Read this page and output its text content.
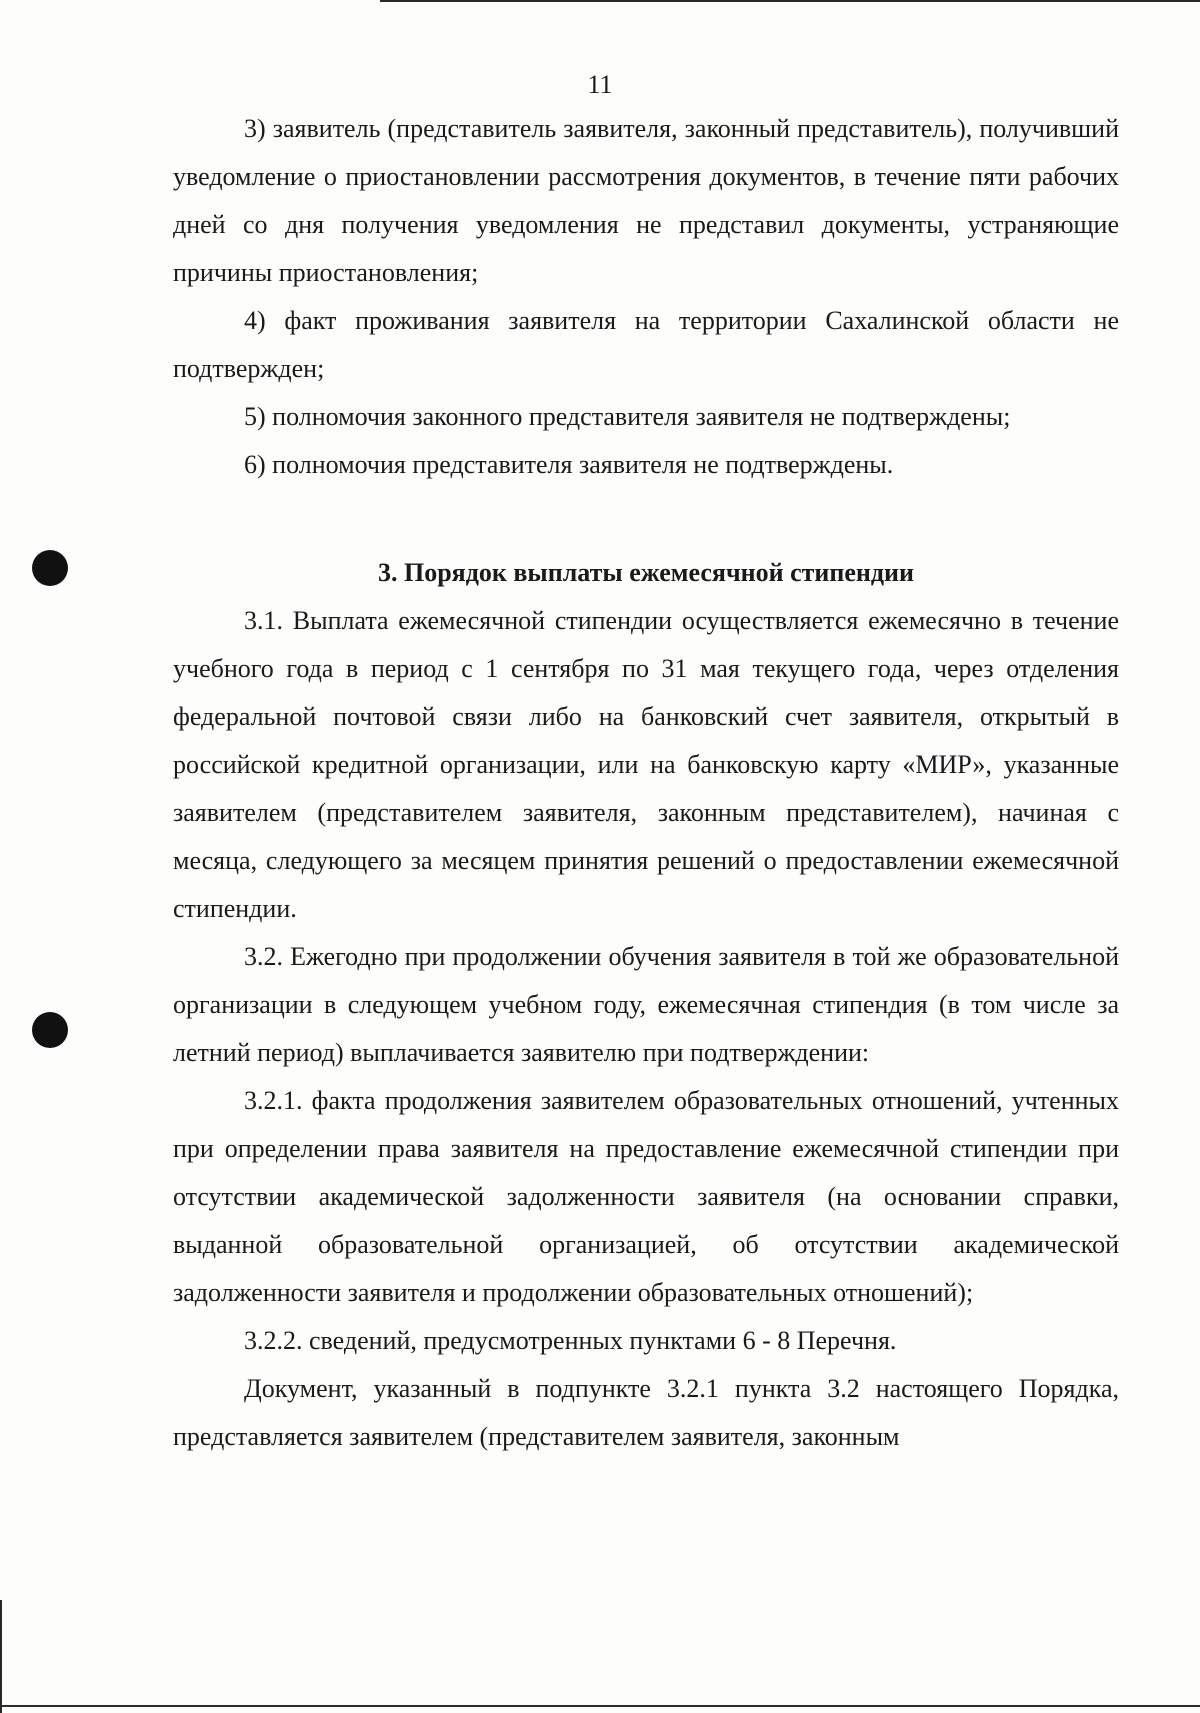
11

3) заявитель (представитель заявителя, законный представитель), получивший уведомление о приостановлении рассмотрения документов, в течение пяти рабочих дней со дня получения уведомления не представил документы, устраняющие причины приостановления;

4) факт проживания заявителя на территории Сахалинской области не подтвержден;

5) полномочия законного представителя заявителя не подтверждены;

6) полномочия представителя заявителя не подтверждены.

3. Порядок выплаты ежемесячной стипендии

3.1. Выплата ежемесячной стипендии осуществляется ежемесячно в течение учебного года в период с 1 сентября по 31 мая текущего года, через отделения федеральной почтовой связи либо на банковский счет заявителя, открытый в российской кредитной организации, или на банковскую карту «МИР», указанные заявителем (представителем заявителя, законным представителем), начиная с месяца, следующего за месяцем принятия решений о предоставлении ежемесячной стипендии.

3.2. Ежегодно при продолжении обучения заявителя в той же образовательной организации в следующем учебном году, ежемесячная стипендия (в том числе за летний период) выплачивается заявителю при подтверждении:

3.2.1. факта продолжения заявителем образовательных отношений, учтенных при определении права заявителя на предоставление ежемесячной стипендии при отсутствии академической задолженности заявителя (на основании справки, выданной образовательной организацией, об отсутствии академической задолженности заявителя и продолжении образовательных отношений);

3.2.2. сведений, предусмотренных пунктами 6 - 8 Перечня.

Документ, указанный в подпункте 3.2.1 пункта 3.2 настоящего Порядка, представляется заявителем (представителем заявителя, законным
